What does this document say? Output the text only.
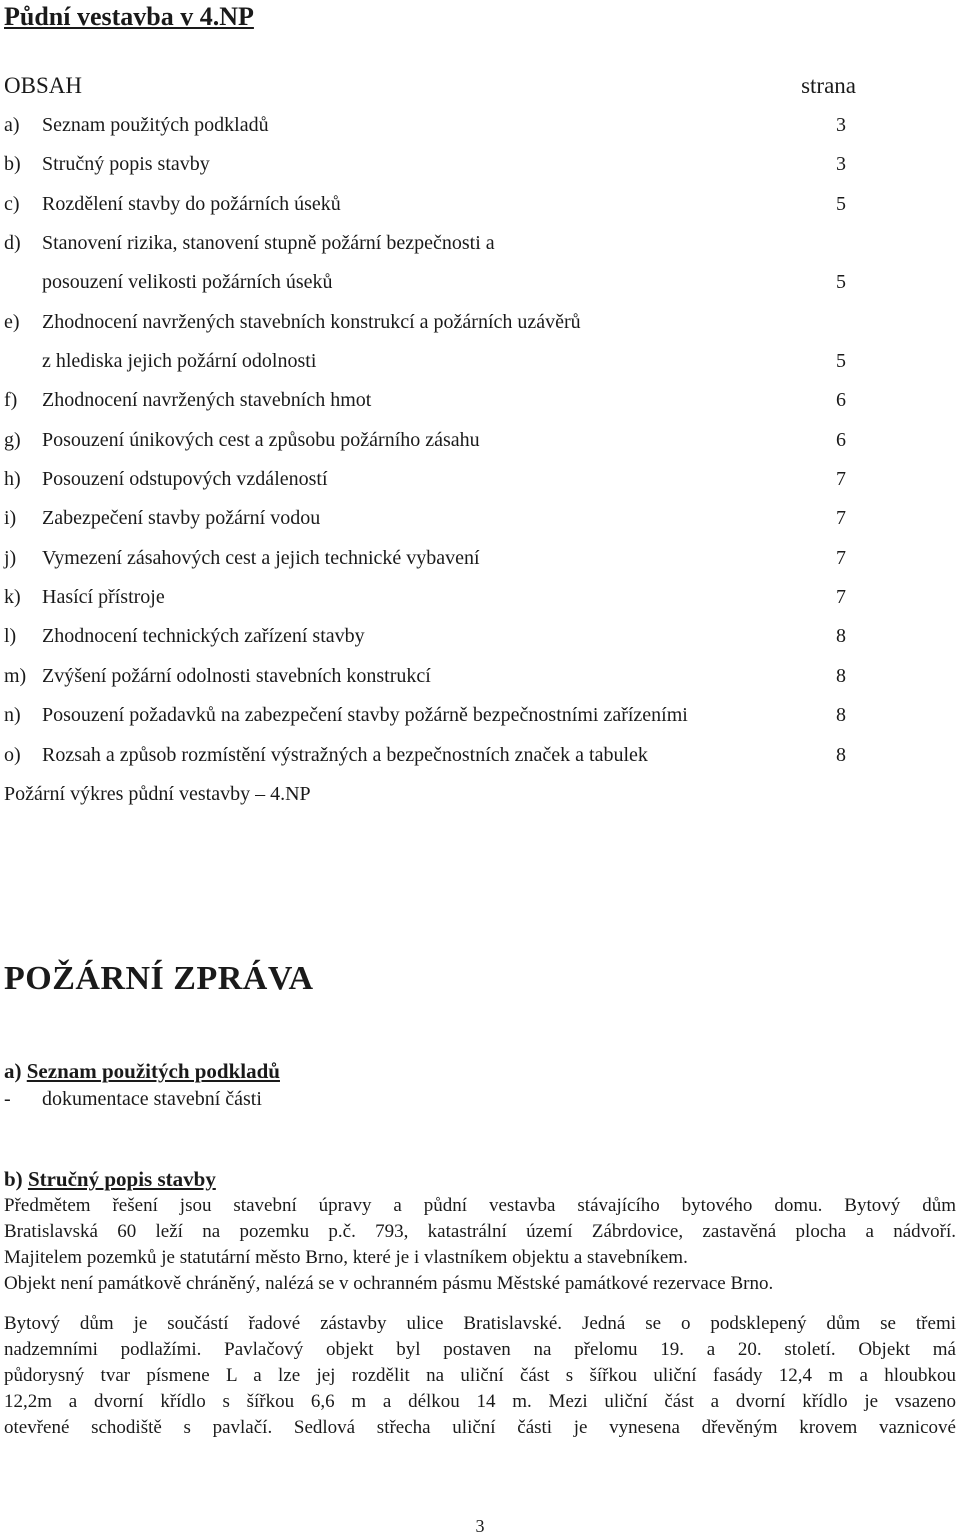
Půdní vestavba v 4.NP
OBSAH	strana
a) Seznam použitých podkladů	3
b) Stručný popis stavby	3
c) Rozdělení stavby do požárních úseků	5
d) Stanovení rizika, stanovení stupně požární bezpečnosti a
posouzení velikosti požárních úseků	5
e) Zhodnocení navržených stavebních konstrukcí a požárních uzávěrů
z hlediska jejich požární odolnosti	5
f) Zhodnocení navržených stavebních hmot	6
g) Posouzení únikových cest a způsobu požárního zásahu	6
h) Posouzení odstupových vzdáleností	7
i) Zabezpečení stavby požární vodou	7
j) Vymezení zásahových cest a jejich technické vybavení	7
k) Hasící přístroje	7
l) Zhodnocení technických zařízení stavby	8
m) Zvýšení požární odolnosti stavebních konstrukcí	8
n) Posouzení požadavků na zabezpečení stavby požárně bezpečnostními zařízeními	8
o) Rozsah a způsob rozmístění výstražných a bezpečnostních značek a tabulek	8
Požární výkres půdní vestavby – 4.NP
POŽÁRNÍ ZPRÁVA
a) Seznam použitých podkladů
- dokumentace stavební části
b) Stručný popis stavby
Předmětem řešení jsou stavební úpravy a půdní vestavba stávajícího bytového domu. Bytový dům
Bratislavská 60 leží na pozemku p.č. 793, katastrální území Zábrdovice, zastavěná plocha a nádvoří.
Majitelem pozemků je statutární město Brno, které je i vlastníkem objektu a stavebníkem.
Objekt není památkově chráněný, nalézá se v ochranném pásmu Městské památkové rezervace Brno.
Bytový dům je součástí řadové zástavby ulice Bratislavské. Jedná se o podsklepený dům se třemi
nadzemními podlažími. Pavlačový objekt byl postaven na přelomu 19. a 20. století. Objekt má
půdorysný tvar písmene L a lze jej rozdělit na uliční část s šířkou uliční fasády 12,4 m a hloubkou
12,2m a dvorní křídlo s šířkou 6,6 m a délkou 14 m. Mezi uliční část a dvorní křídlo je vsazeno
otevřené schodiště s pavlačí. Sedlová střecha uliční části je vynesena dřevěným krovem vaznicové
3
